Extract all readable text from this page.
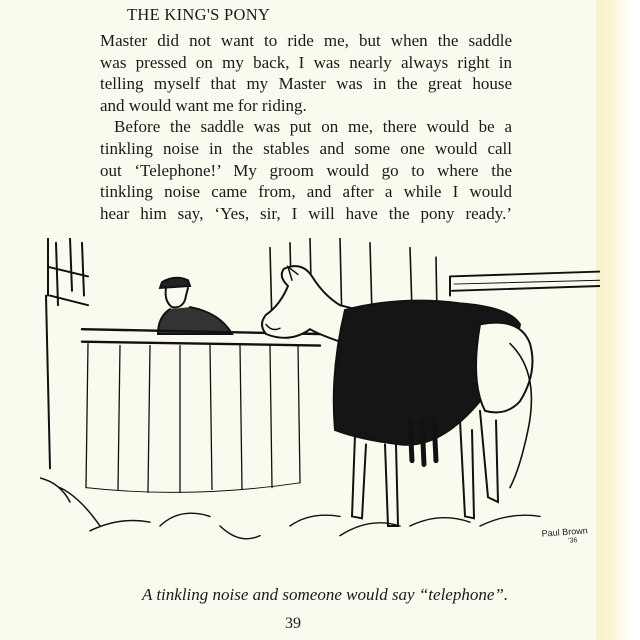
THE KING'S PONY

Master did not want to ride me, but when the saddle

was pressed on my back, I was nearly always right in

telling myself that my Master was in the great house

and would want me for riding.

Before the saddle was put on me, there would be a

tinkling noise in the stables and some one would call

out ‘Telephone!’ My groom would go to where the

tinkling noise came from, and after a while I would

hear him say, ‘Yes, sir, I will have the pony ready.’

Paul Brown
'36
A tinkling noise and someone would say “telephone”.
39
